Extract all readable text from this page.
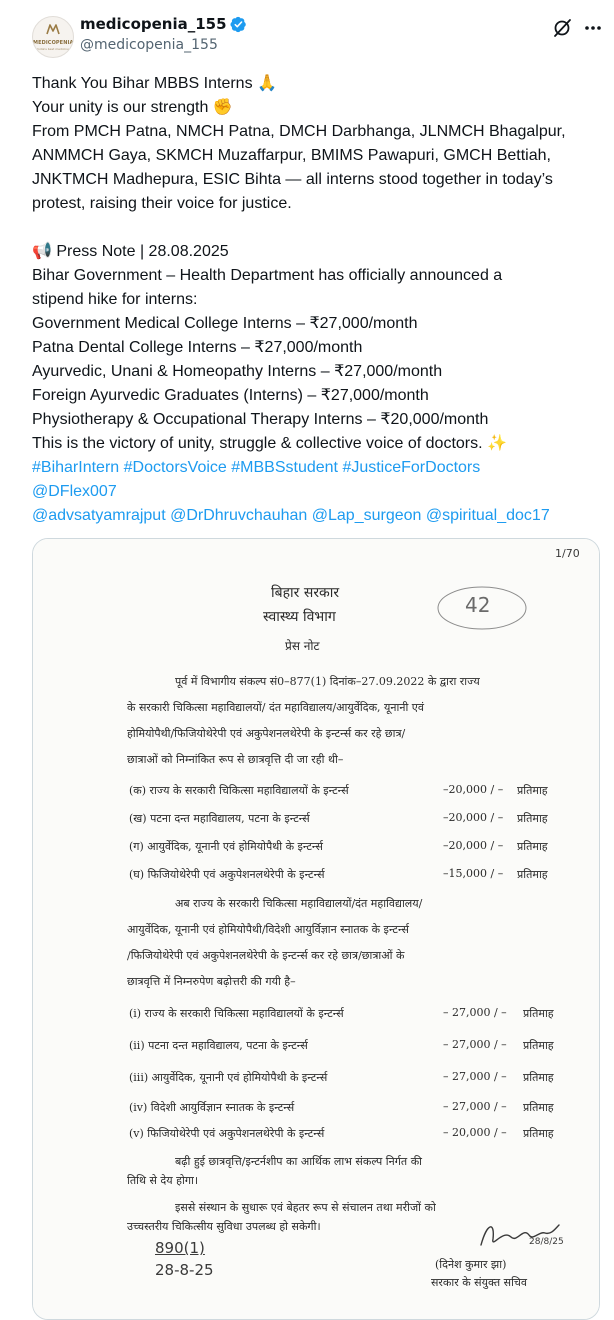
MEDICOPENIA
India's best medicine
medicopenia_155
@medicopenia_155
Thank You Bihar MBBS Interns 🙏
Your unity is our strength ✊
From PMCH Patna, NMCH Patna, DMCH Darbhanga, JLNMCH Bhagalpur,
ANMMCH Gaya, SKMCH Muzaffarpur, BMIMS Pawapuri, GMCH Bettiah,
JNKTMCH Madhepura, ESIC Bihta — all interns stood together in today’s
protest, raising their voice for justice.
📢 Press Note | 28.08.2025
Bihar Government – Health Department has officially announced a
stipend hike for interns:
Government Medical College Interns – ₹27,000/month
Patna Dental College Interns – ₹27,000/month
Ayurvedic, Unani & Homeopathy Interns – ₹27,000/month
Foreign Ayurvedic Graduates (Interns) – ₹27,000/month
Physiotherapy & Occupational Therapy Interns – ₹20,000/month
This is the victory of unity, struggle & collective voice of doctors. ✨
#BiharIntern #DoctorsVoice #MBBSstudent #JusticeForDoctors
@DFlex007
@advsatyamrajput @DrDhruvchauhan @Lap_surgeon @spiritual_doc17
1/70
42
बिहार सरकार
स्वास्थ्य विभाग
प्रेस नोट
पूर्व में विभागीय संकल्प सं0–877(1) दिनांक–27.09.2022 के द्वारा राज्य
के सरकारी चिकित्सा महाविद्यालयों/ दंत महाविद्यालय/आयुर्वेदिक, यूनानी एवं
होमियोपैथी/फिजियोथेरेपी एवं अकुपेशनलथेरेपी के इन्टर्न्स कर रहे छात्र/
छात्राओं को निम्नांकित रूप से छात्रवृत्ति दी जा रही थी–
(क) राज्य के सरकारी चिकित्सा महाविद्यालयों के इन्टर्न्स	–20,000 / – प्रतिमाह
(ख) पटना दन्त महाविद्यालय, पटना के इन्टर्न्स	–20,000 / – प्रतिमाह
(ग) आयुर्वेदिक, यूनानी एवं होमियोपैथी के इन्टर्न्स	–20,000 / – प्रतिमाह
(घ) फिजियोथेरेपी एवं अकुपेशनलथेरेपी के इन्टर्न्स	–15,000 / – प्रतिमाह
अब राज्य के सरकारी चिकित्सा महाविद्यालयों/दंत महाविद्यालय/
आयुर्वेदिक, यूनानी एवं होमियोपैथी/विदेशी आयुर्विज्ञान स्नातक के इन्टर्न्स
/फिजियोथेरेपी एवं अकुपेशनलथेरेपी के इन्टर्न्स कर रहे छात्र/छात्राओं के
छात्रवृत्ति में निम्नरुपेण बढ़ोत्तरी की गयी है–
(i) राज्य के सरकारी चिकित्सा महाविद्यालयों के इन्टर्न्स	– 27,000 / – प्रतिमाह
(ii) पटना दन्त महाविद्यालय, पटना के इन्टर्न्स	– 27,000 / – प्रतिमाह
(iii) आयुर्वेदिक, यूनानी एवं होमियोपैथी के इन्टर्न्स	– 27,000 / – प्रतिमाह
(iv) विदेशी आयुर्विज्ञान स्नातक के इन्टर्न्स	– 27,000 / – प्रतिमाह
(v) फिजियोथेरेपी एवं अकुपेशनलथेरेपी के इन्टर्न्स	– 20,000 / – प्रतिमाह
बढ़ी हुई छात्रवृत्ति/इन्टर्नशीप का आर्थिक लाभ संकल्प निर्गत की
तिथि से देय होगा।
इससे संस्थान के सुधारू एवं बेहतर रूप से संचालन तथा मरीजों को
उच्चस्तरीय चिकित्सीय सुविधा उपलब्ध हो सकेगी।
890(1)
28-8-25
28/8/25
(दिनेश कुमार झा)
सरकार के संयुक्त सचिव
